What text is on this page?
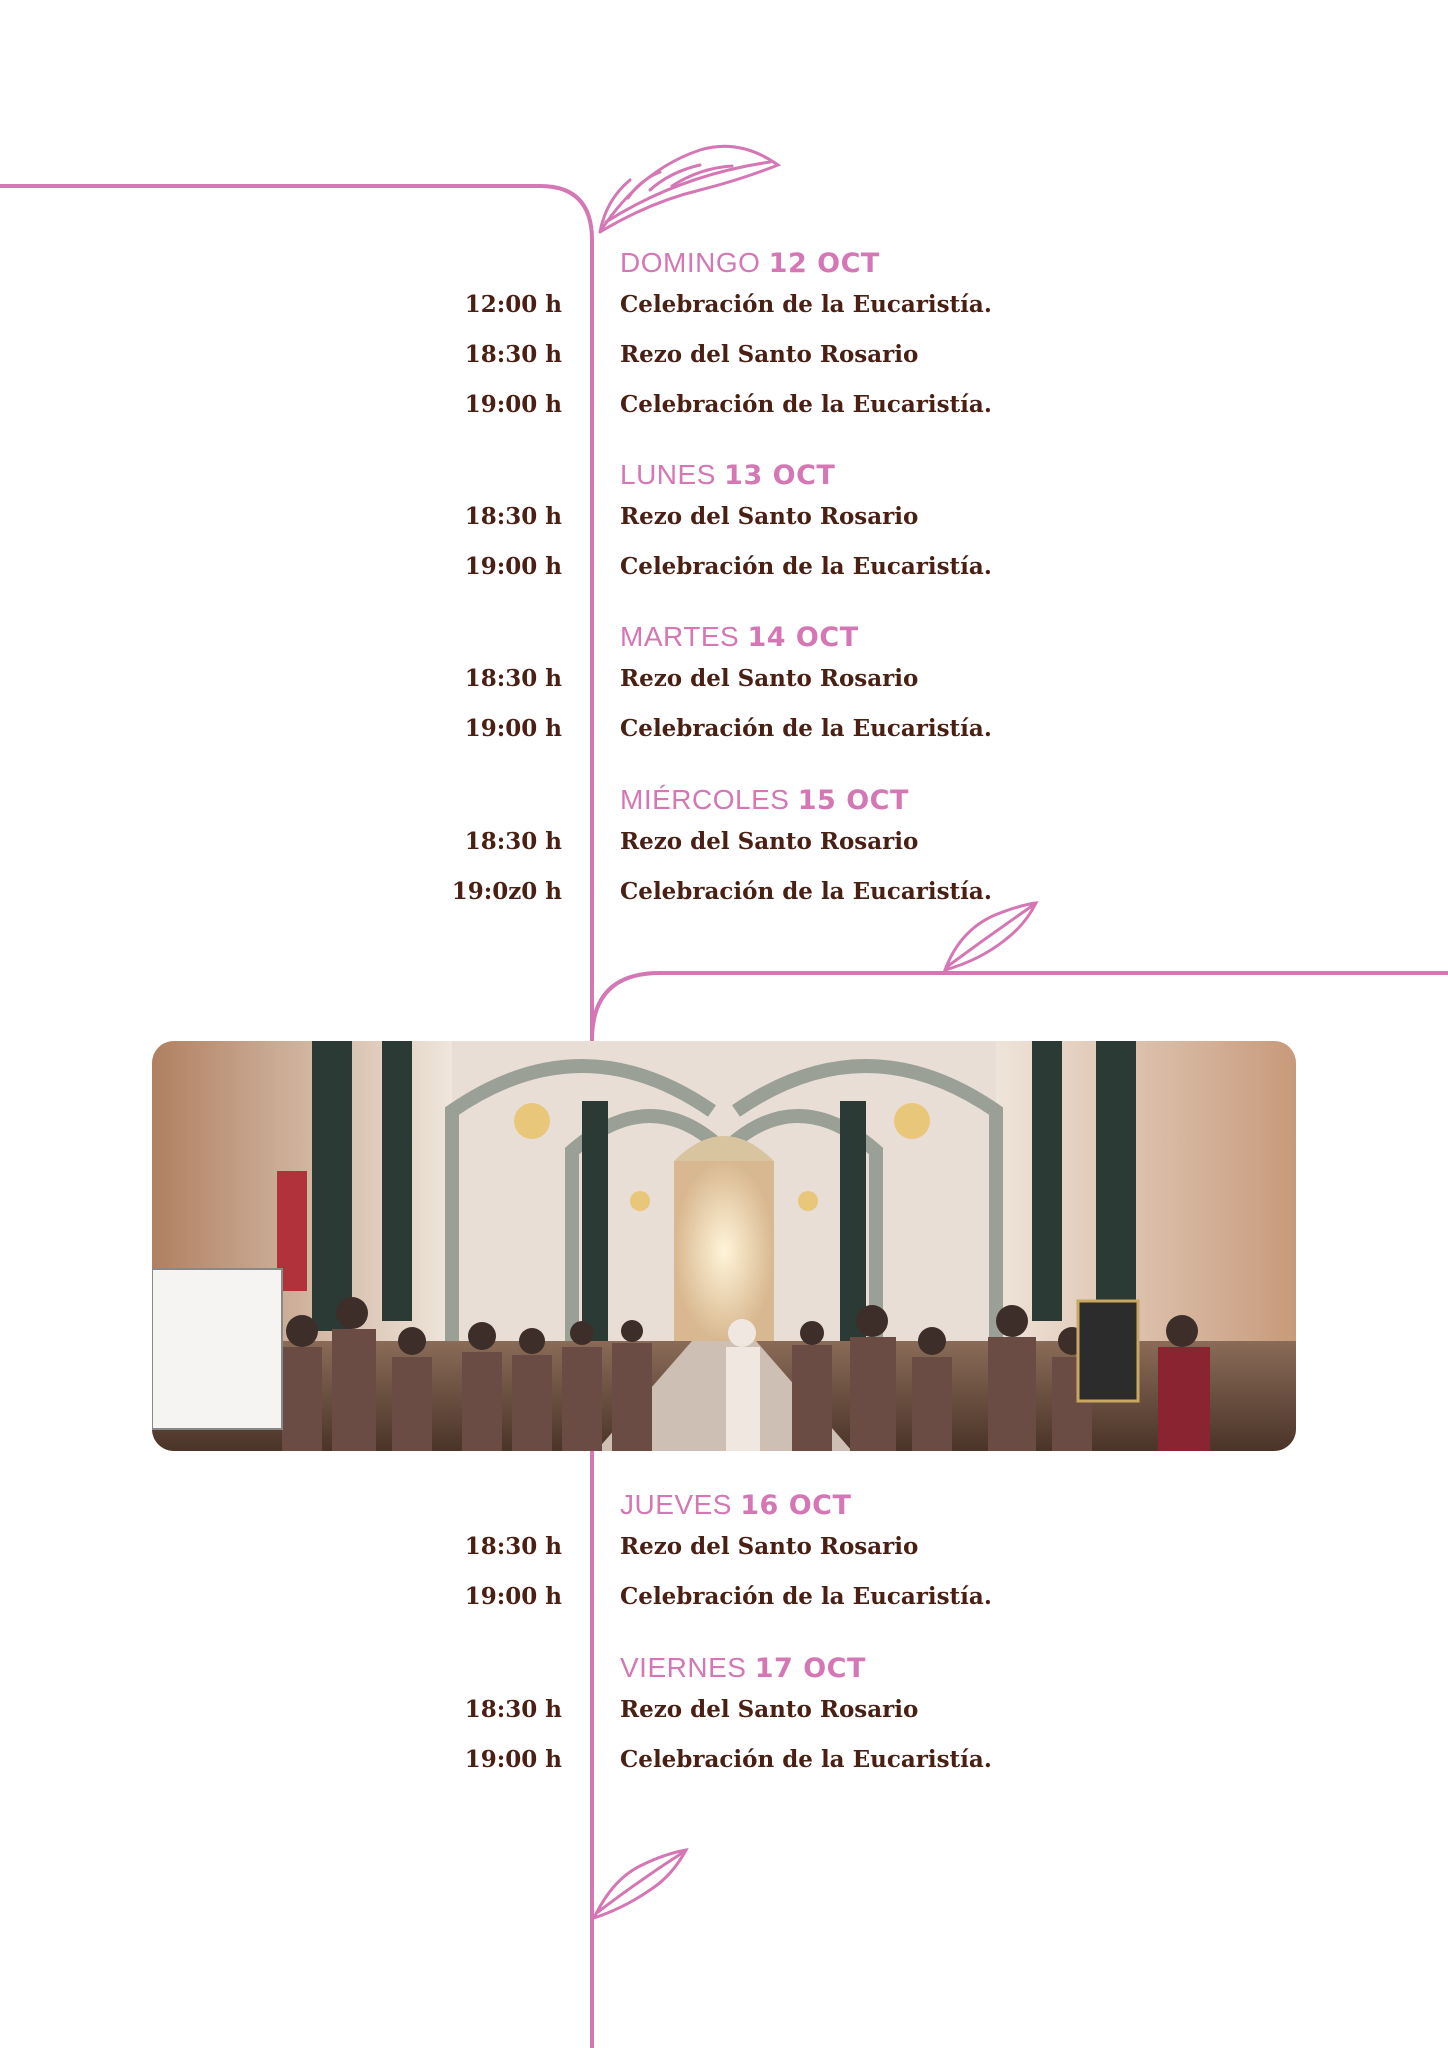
DOMINGO 12 OCT
12:00 h	Celebración de la Eucaristía.
18:30 h	Rezo del Santo Rosario
19:00 h	Celebración de la Eucaristía.
LUNES 13 OCT
18:30 h	Rezo del Santo Rosario
19:00 h	Celebración de la Eucaristía.
MARTES 14 OCT
18:30 h	Rezo del Santo Rosario
19:00 h	Celebración de la Eucaristía.
MIÉRCOLES 15 OCT
18:30 h	Rezo del Santo Rosario
19:0z0 h	Celebración de la Eucaristía.
JUEVES 16 OCT
18:30 h	Rezo del Santo Rosario
19:00 h	Celebración de la Eucaristía.
VIERNES 17 OCT
18:30 h	Rezo del Santo Rosario
19:00 h	Celebración de la Eucaristía.
